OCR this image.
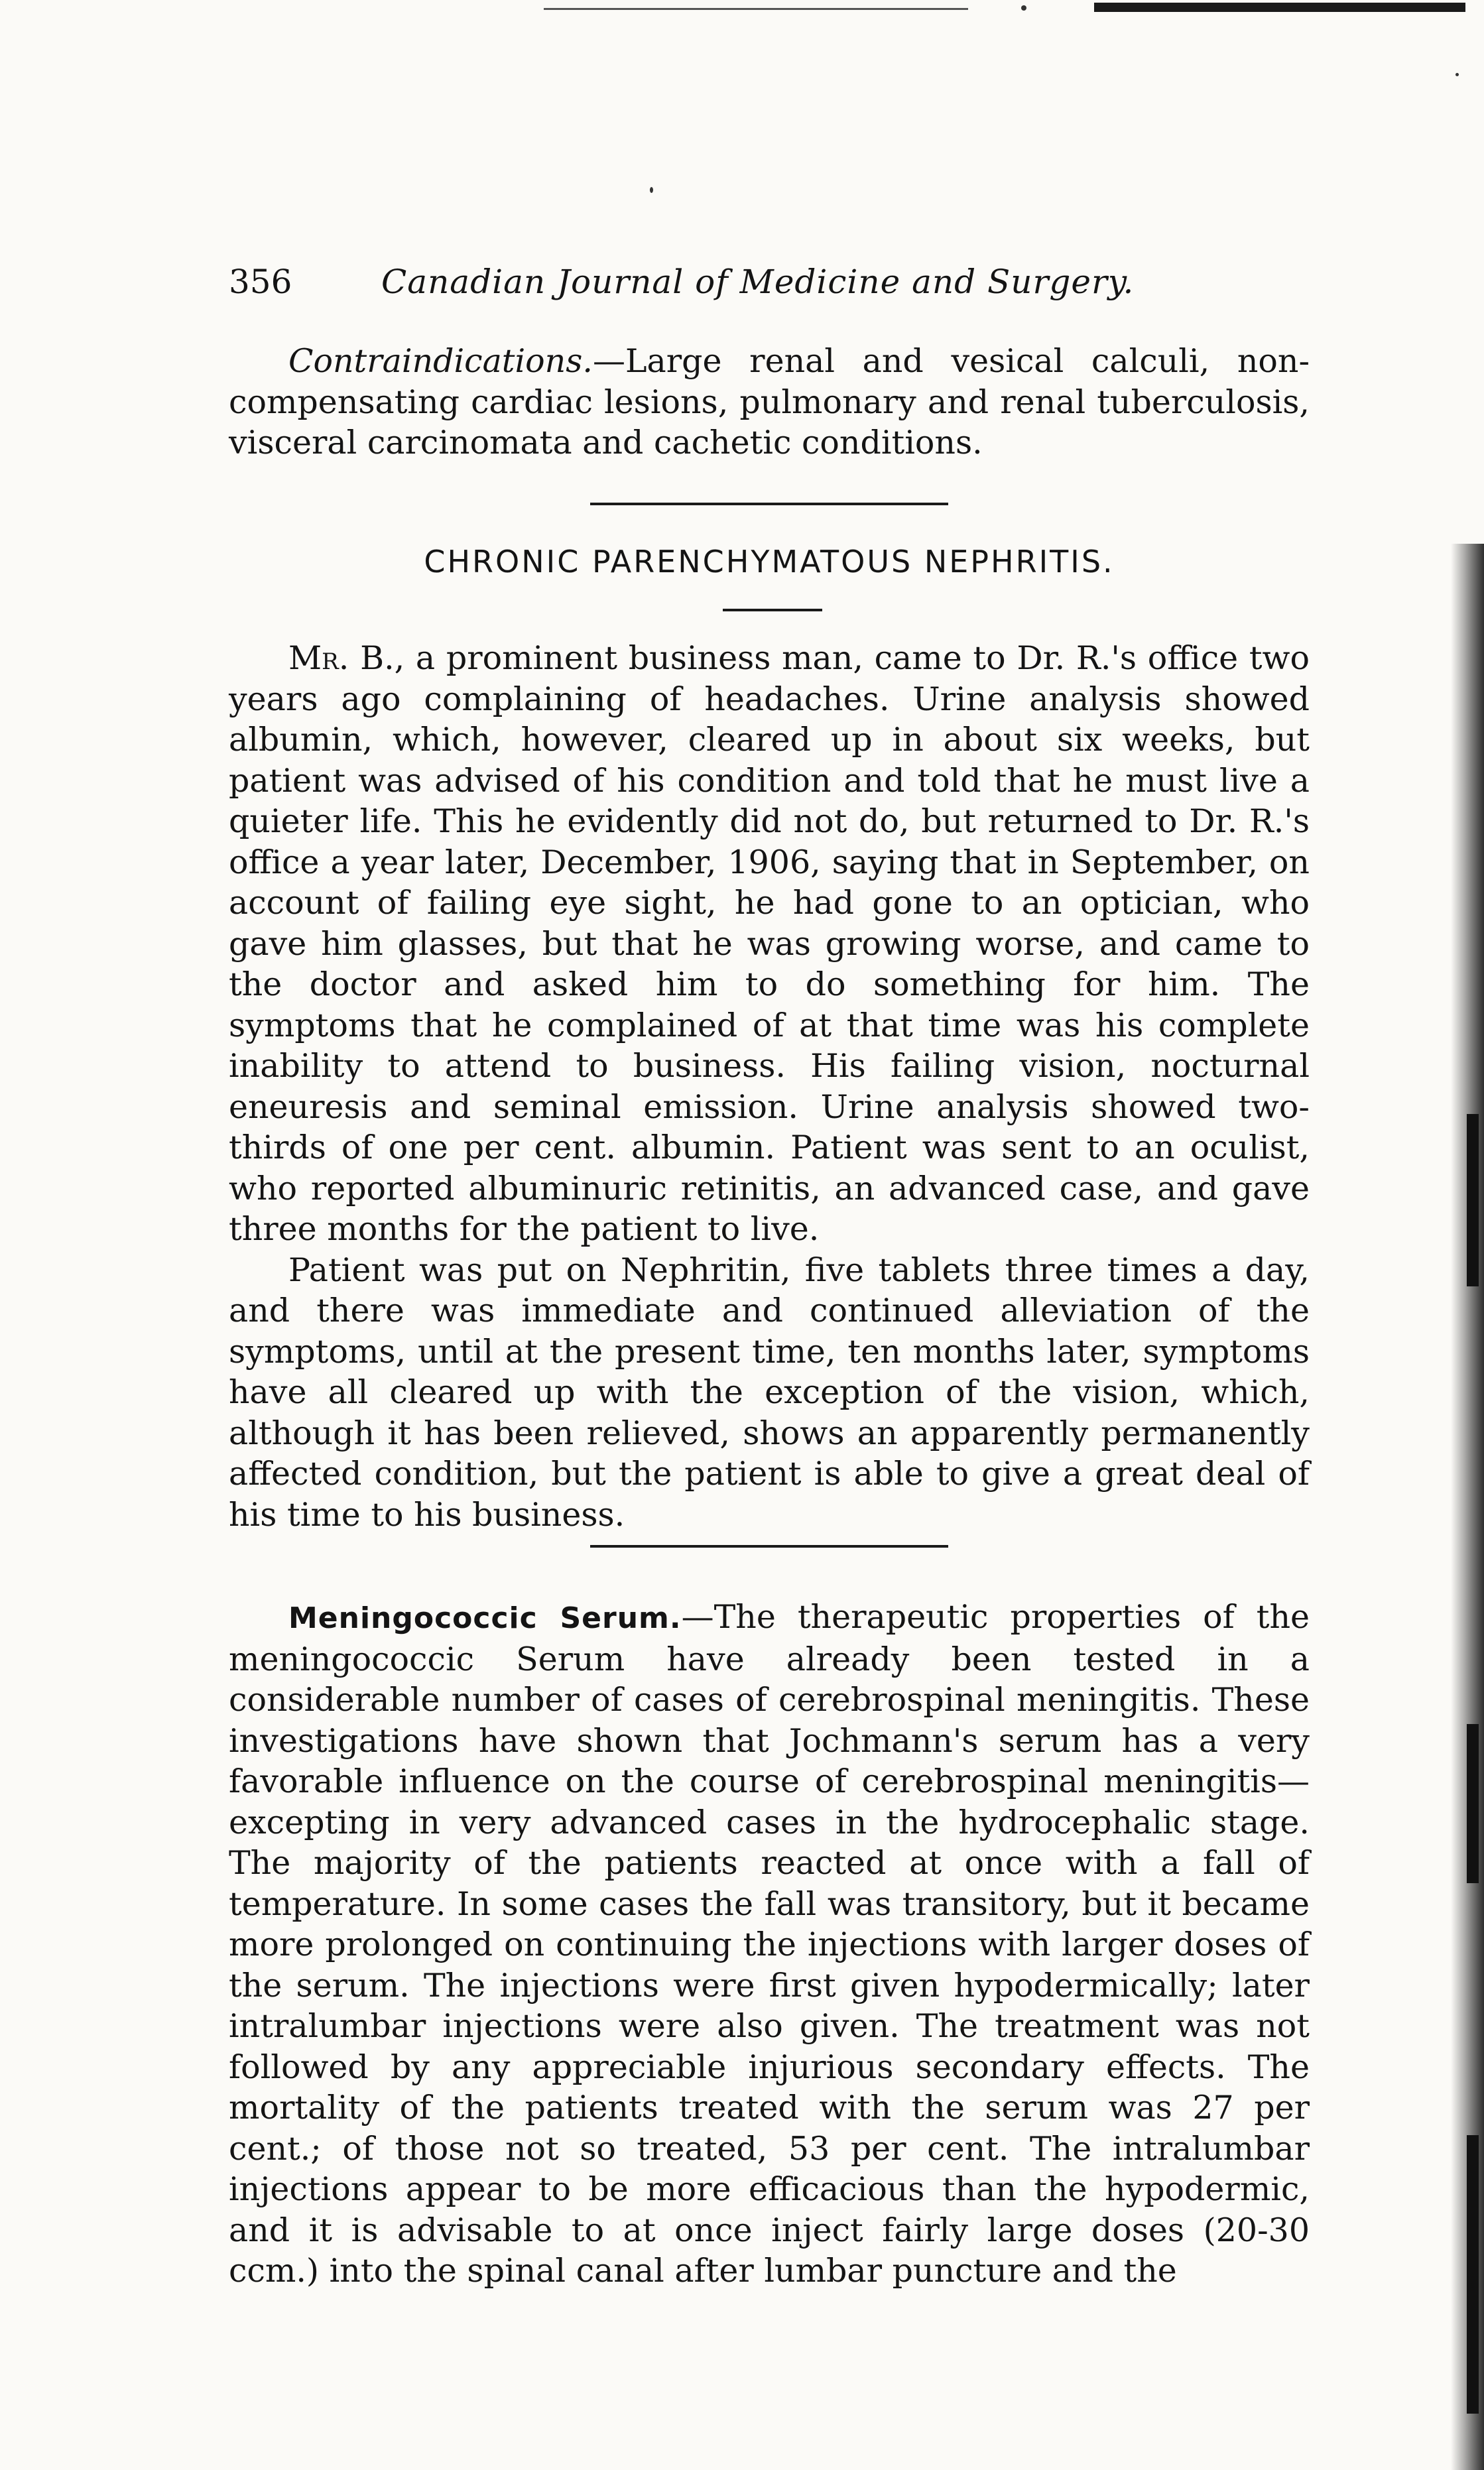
356	Canadian Journal of Medicine and Surgery.

Contraindications.—Large renal and vesical calculi, non-compensating cardiac lesions, pulmonary and renal tuberculosis, visceral carcinomata and cachetic conditions.

CHRONIC PARENCHYMATOUS NEPHRITIS.

Mr. B., a prominent business man, came to Dr. R.'s office two years ago complaining of headaches. Urine analysis showed albumin, which, however, cleared up in about six weeks, but patient was advised of his condition and told that he must live a quieter life. This he evidently did not do, but returned to Dr. R.'s office a year later, December, 1906, saying that in September, on account of failing eye sight, he had gone to an optician, who gave him glasses, but that he was growing worse, and came to the doctor and asked him to do something for him. The symptoms that he complained of at that time was his complete inability to attend to business. His failing vision, nocturnal eneuresis and seminal emission. Urine analysis showed two-thirds of one per cent. albumin. Patient was sent to an oculist, who reported albuminuric retinitis, an advanced case, and gave three months for the patient to live.

Patient was put on Nephritin, five tablets three times a day, and there was immediate and continued alleviation of the symptoms, until at the present time, ten months later, symptoms have all cleared up with the exception of the vision, which, although it has been relieved, shows an apparently permanently affected condition, but the patient is able to give a great deal of his time to his business.

Meningococcic Serum.—The therapeutic properties of the meningococcic Serum have already been tested in a considerable number of cases of cerebrospinal meningitis. These investigations have shown that Jochmann's serum has a very favorable influence on the course of cerebrospinal meningitis—excepting in very advanced cases in the hydrocephalic stage. The majority of the patients reacted at once with a fall of temperature. In some cases the fall was transitory, but it became more prolonged on continuing the injections with larger doses of the serum. The injections were first given hypodermically; later intralumbar injections were also given. The treatment was not followed by any appreciable injurious secondary effects. The mortality of the patients treated with the serum was 27 per cent.; of those not so treated, 53 per cent. The intralumbar injections appear to be more efficacious than the hypodermic, and it is advisable to at once inject fairly large doses (20-30 ccm.) into the spinal canal after lumbar puncture and the
